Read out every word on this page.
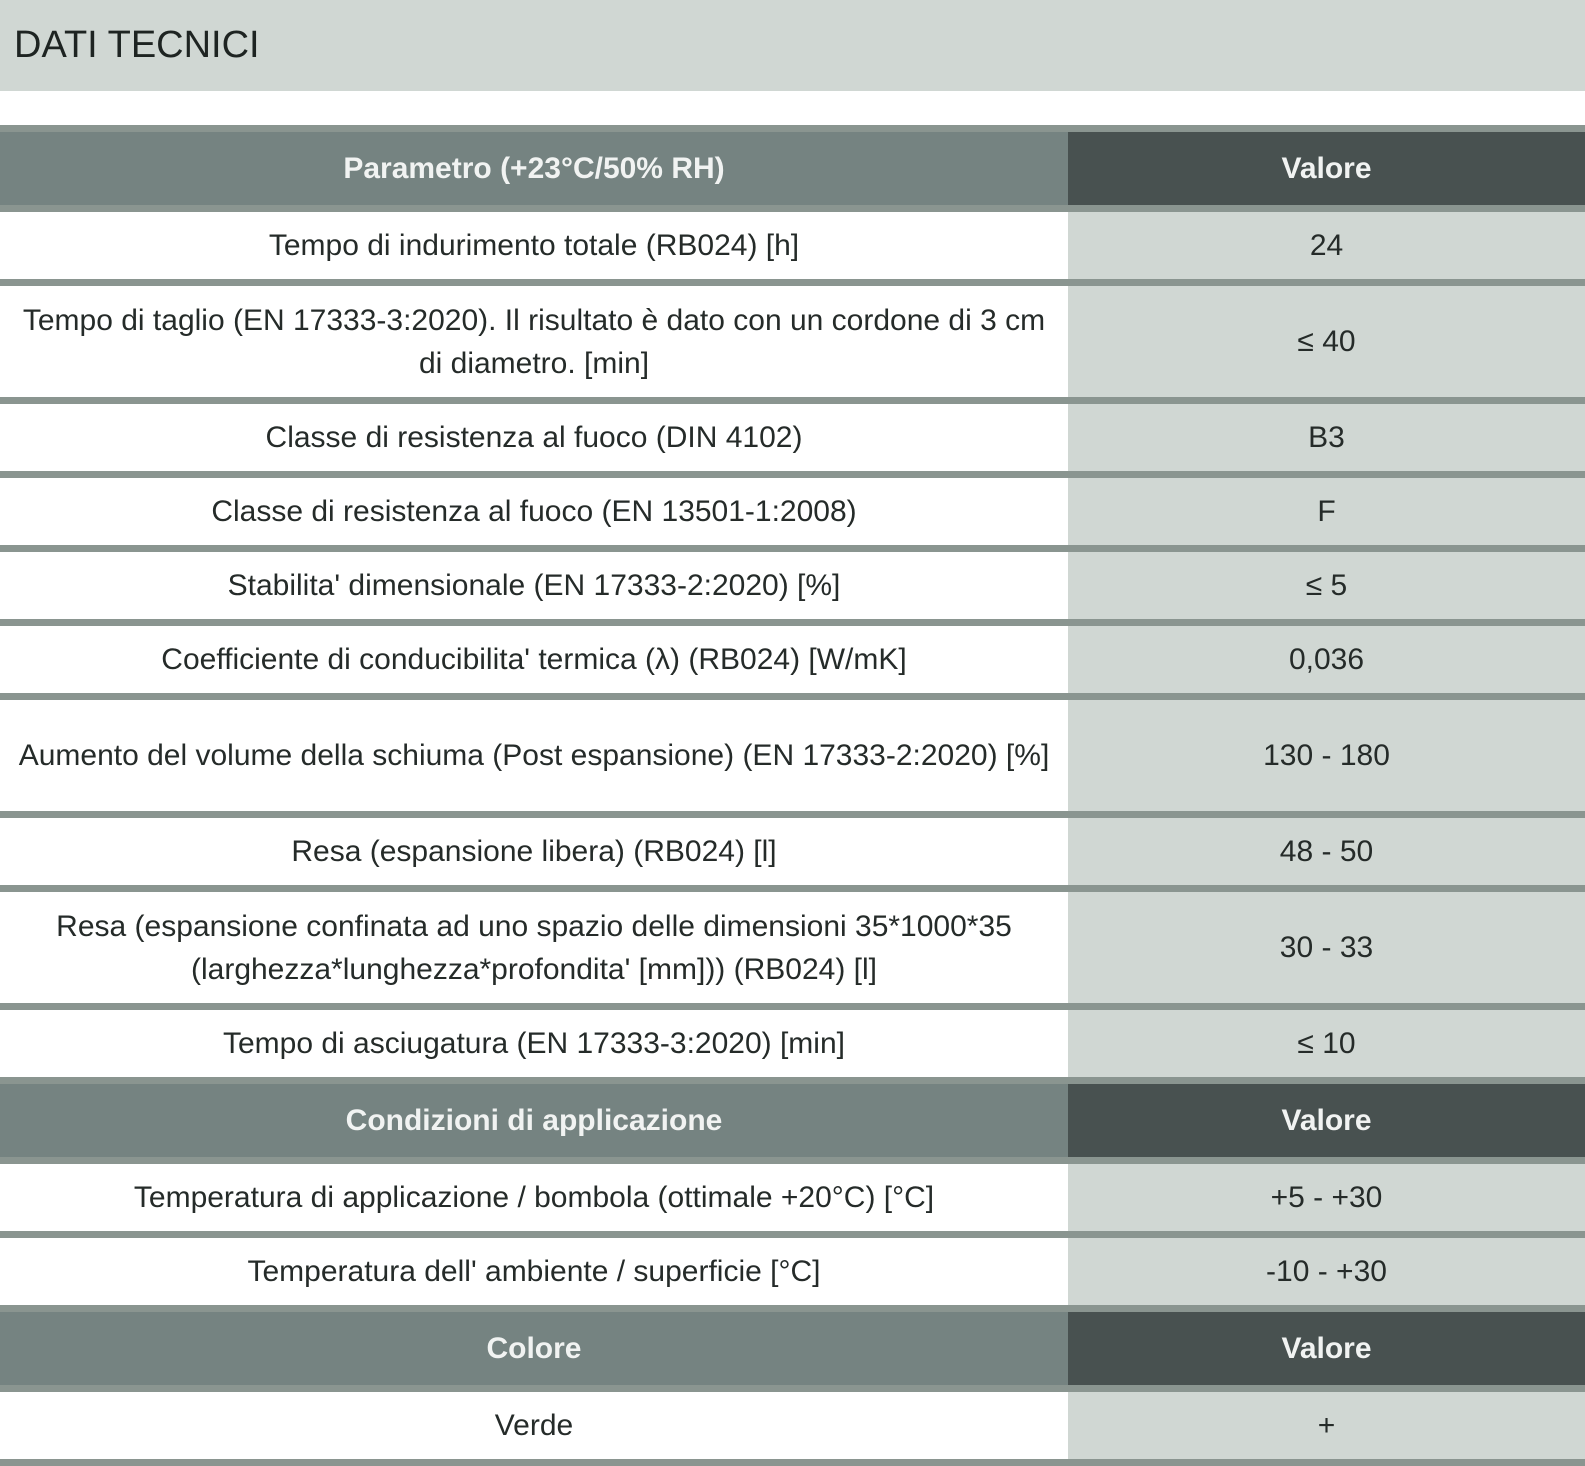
DATI TECNICI
Parametro (+23°C/50% RH)	Valore
Tempo di indurimento totale (RB024) [h]	24
Tempo di taglio (EN 17333-3:2020). Il risultato è dato con un cordone di 3 cm di diametro. [min]	≤ 40
Classe di resistenza al fuoco (DIN 4102)	B3
Classe di resistenza al fuoco (EN 13501-1:2008)	F
Stabilita' dimensionale (EN 17333-2:2020) [%]	≤ 5
Coefficiente di conducibilita' termica (λ) (RB024) [W/mK]	0,036
Aumento del volume della schiuma (Post espansione) (EN 17333-2:2020) [%]	130 - 180
Resa (espansione libera) (RB024) [l]	48 - 50
Resa (espansione confinata ad uno spazio delle dimensioni 35*1000*35 (larghezza*lunghezza*profondita' [mm])) (RB024) [l]	30 - 33
Tempo di asciugatura (EN 17333-3:2020) [min]	≤ 10
Condizioni di applicazione	Valore
Temperatura di applicazione / bombola (ottimale +20°C) [°C]	+5 - +30
Temperatura dell' ambiente / superficie [°C]	-10 - +30
Colore	Valore
Verde	+
